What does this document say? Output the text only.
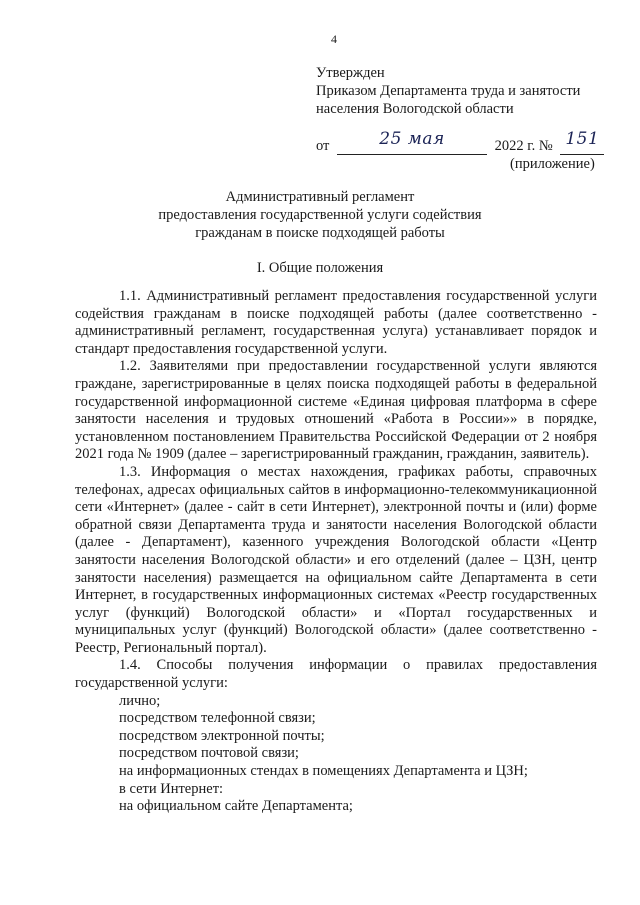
4
Утвержден
Приказом Департамента труда и занятости
населения Вологодской области
от	25 мая	2022 г. № 151
(приложение)
Административный регламент
предоставления государственной услуги содействия
гражданам в поиске подходящей работы
I. Общие положения

1.1. Административный регламент предоставления государственной услуги содействия гражданам в поиске подходящей работы (далее соответственно - административный регламент, государственная услуга) устанавливает порядок и стандарт предоставления государственной услуги.

1.2. Заявителями при предоставлении государственной услуги являются граждане, зарегистрированные в целях поиска подходящей работы в федеральной государственной информационной системе «Единая цифровая платформа в сфере занятости населения и трудовых отношений «Работа в России»» в порядке, установленном постановлением Правительства Российской Федерации от 2 ноября 2021 года № 1909 (далее – зарегистрированный гражданин, гражданин, заявитель).

1.3. Информация о местах нахождения, графиках работы, справочных телефонах, адресах официальных сайтов в информационно-телекоммуникационной сети «Интернет» (далее - сайт в сети Интернет), электронной почты и (или) форме обратной связи Департамента труда и занятости населения Вологодской области (далее - Департамент), казенного учреждения Вологодской области «Центр занятости населения Вологодской области» и его отделений (далее – ЦЗН, центр занятости населения) размещается на официальном сайте Департамента в сети Интернет, в государственных информационных системах «Реестр государственных услуг (функций) Вологодской области» и «Портал государственных и муниципальных услуг (функций) Вологодской области» (далее соответственно - Реестр, Региональный портал).

1.4. Способы получения информации о правилах предоставления государственной услуги:

лично;

посредством телефонной связи;

посредством электронной почты;

посредством почтовой связи;

на информационных стендах в помещениях Департамента и ЦЗН;

в сети Интернет:

на официальном сайте Департамента;
